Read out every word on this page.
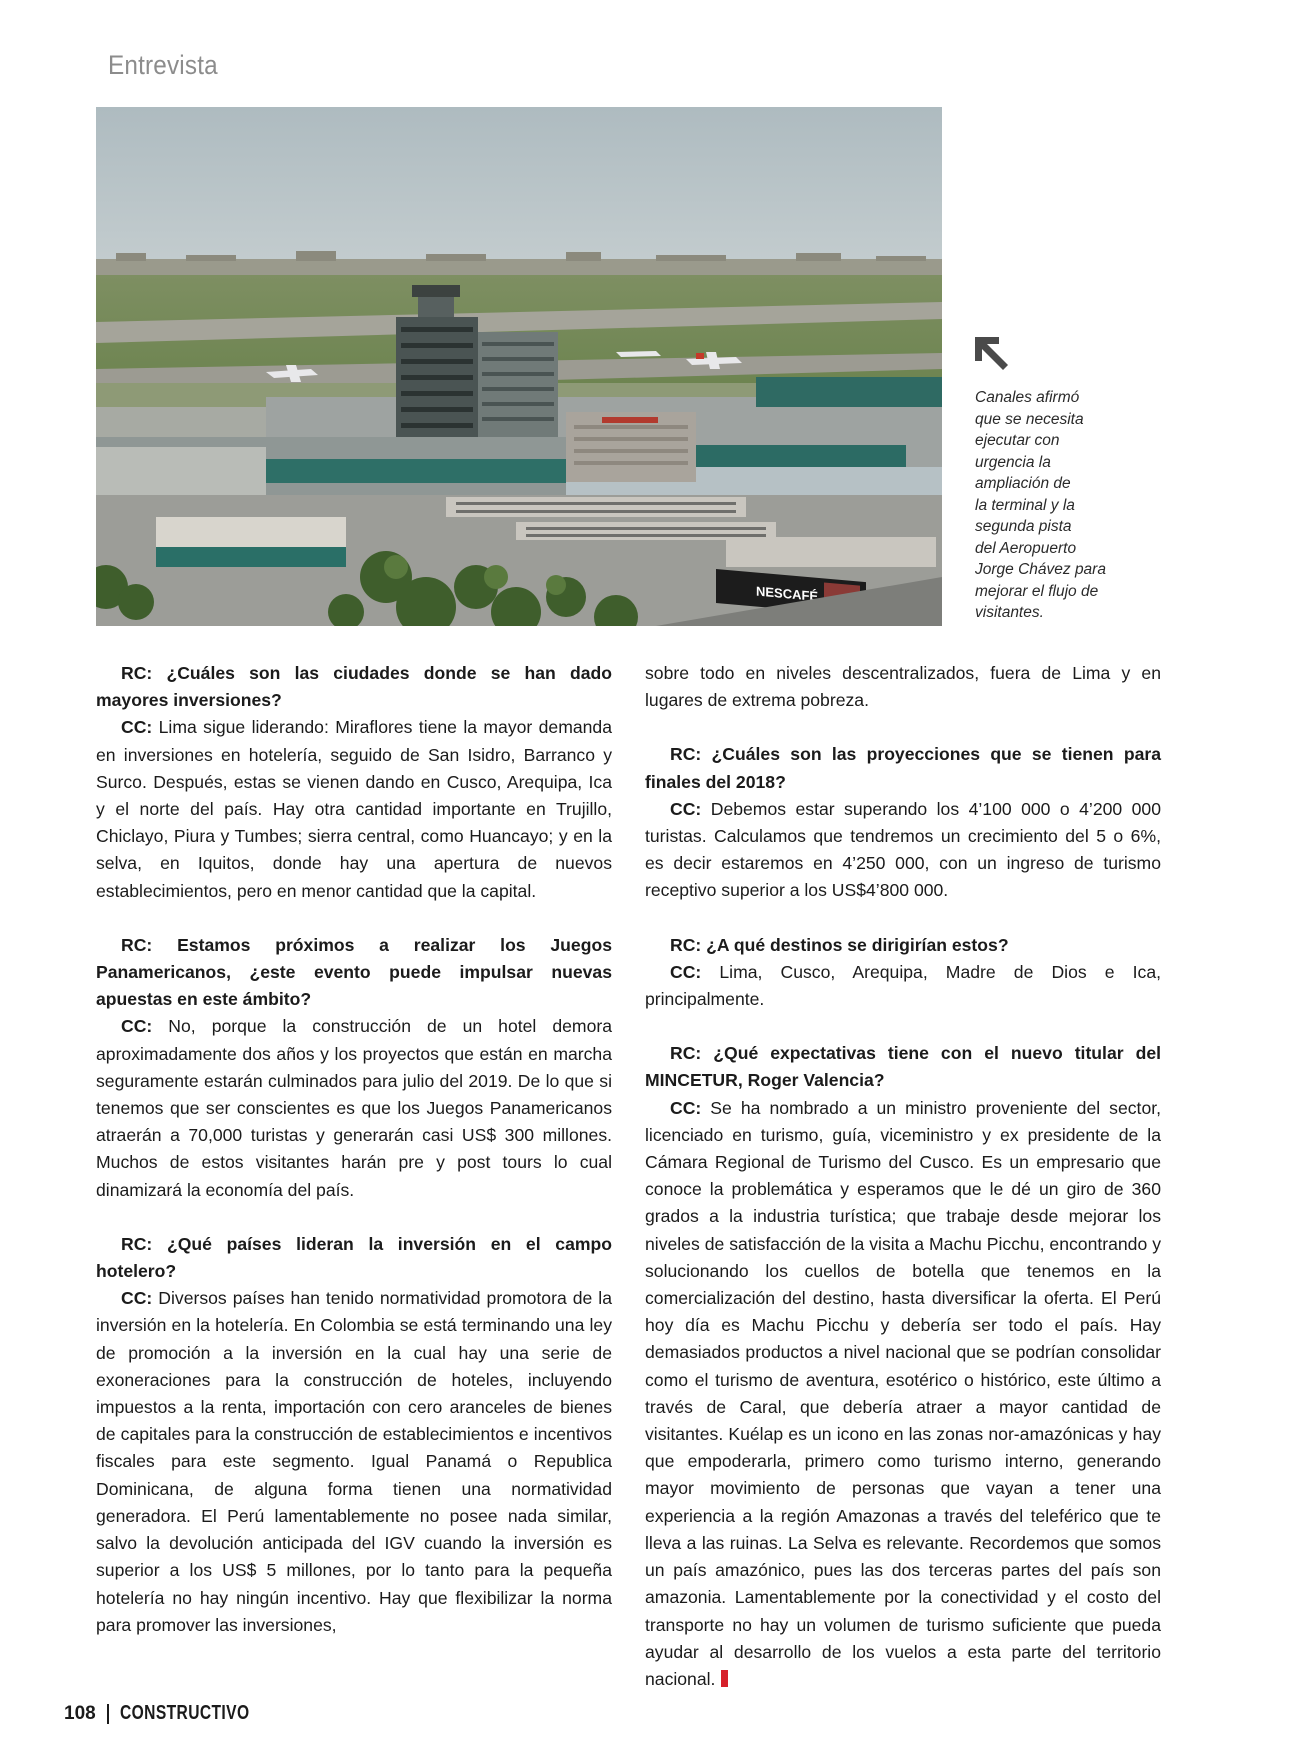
Entrevista
NESCAFÉ
Canales afirmó
que se necesita
ejecutar con
urgencia la
ampliación de
la terminal y la
segunda pista
del Aeropuerto
Jorge Chávez para
mejorar el flujo de
visitantes.

RC: ¿Cuáles son las ciudades donde se han dado mayores inversiones?

CC: Lima sigue liderando: Miraflores tiene la mayor demanda en inversiones en hotelería, seguido de San Isidro, Barranco y Surco. Después, estas se vienen dando en Cusco, Arequipa, Ica y el norte del país. Hay otra cantidad importante en Trujillo, Chiclayo, Piura y Tumbes; sierra central, como Huancayo; y en la selva, en Iquitos, donde hay una apertura de nuevos establecimientos, pero en menor cantidad que la capital.

RC: Estamos próximos a realizar los Juegos Panamericanos, ¿este evento puede impulsar nuevas apuestas en este ámbito?

CC: No, porque la construcción de un hotel demora aproximadamente dos años y los proyectos que están en marcha seguramente estarán culminados para julio del 2019. De lo que si tenemos que ser conscientes es que los Juegos Panamericanos atraerán a 70,000 turistas y generarán casi US$ 300 millones. Muchos de estos visitantes harán pre y post tours lo cual dinamizará la economía del país.

RC: ¿Qué países lideran la inversión en el campo hotelero?

CC: Diversos países han tenido normatividad promotora de la inversión en la hotelería. En Colombia se está terminando una ley de promoción a la inversión en la cual hay una serie de exoneraciones para la construcción de hoteles, incluyendo impuestos a la renta, importación con cero aranceles de bienes de capitales para la construcción de establecimientos e incentivos fiscales para este segmento. Igual Panamá o Republica Dominicana, de alguna forma tienen una normatividad generadora. El Perú lamentablemente no posee nada similar, salvo la devolución anticipada del IGV cuando la inversión es superior a los US$ 5 millones, por lo tanto para la pequeña hotelería no hay ningún incentivo. Hay que flexibilizar la norma para promover las inversiones,

sobre todo en niveles descentralizados, fuera de Lima y en lugares de extrema pobreza.

RC: ¿Cuáles son las proyecciones que se tienen para finales del 2018?

CC: Debemos estar superando los 4’100 000 o 4’200 000 turistas. Calculamos que tendremos un crecimiento del 5 o 6%, es decir estaremos en 4’250 000, con un ingreso de turismo receptivo superior a los US$4’800 000.

RC: ¿A qué destinos se dirigirían estos?

CC: Lima, Cusco, Arequipa, Madre de Dios e Ica, principalmente.

RC: ¿Qué expectativas tiene con el nuevo titular del MINCETUR, Roger Valencia?

CC: Se ha nombrado a un ministro proveniente del sector, licenciado en turismo, guía, viceministro y ex presidente de la Cámara Regional de Turismo del Cusco. Es un empresario que conoce la problemática y esperamos que le dé un giro de 360 grados a la industria turística; que trabaje desde mejorar los niveles de satisfacción de la visita a Machu Picchu, encontrando y solucionando los cuellos de botella que tenemos en la comercialización del destino, hasta diversificar la oferta. El Perú hoy día es Machu Picchu y debería ser todo el país. Hay demasiados productos a nivel nacional que se podrían consolidar como el turismo de aventura, esotérico o histórico, este último a través de Caral, que debería atraer a mayor cantidad de visitantes. Kuélap es un icono en las zonas nor-amazónicas y hay que empoderarla, primero como turismo interno, generando mayor movimiento de personas que vayan a tener una experiencia a la región Amazonas a través del teleférico que te lleva a las ruinas. La Selva es relevante. Recordemos que somos un país amazónico, pues las dos terceras partes del país son amazonia. Lamentablemente por la conectividad y el costo del transporte no hay un volumen de turismo suficiente que pueda ayudar al desarrollo de los vuelos a esta parte del territorio nacional.

108 CONSTRUCTIVO
